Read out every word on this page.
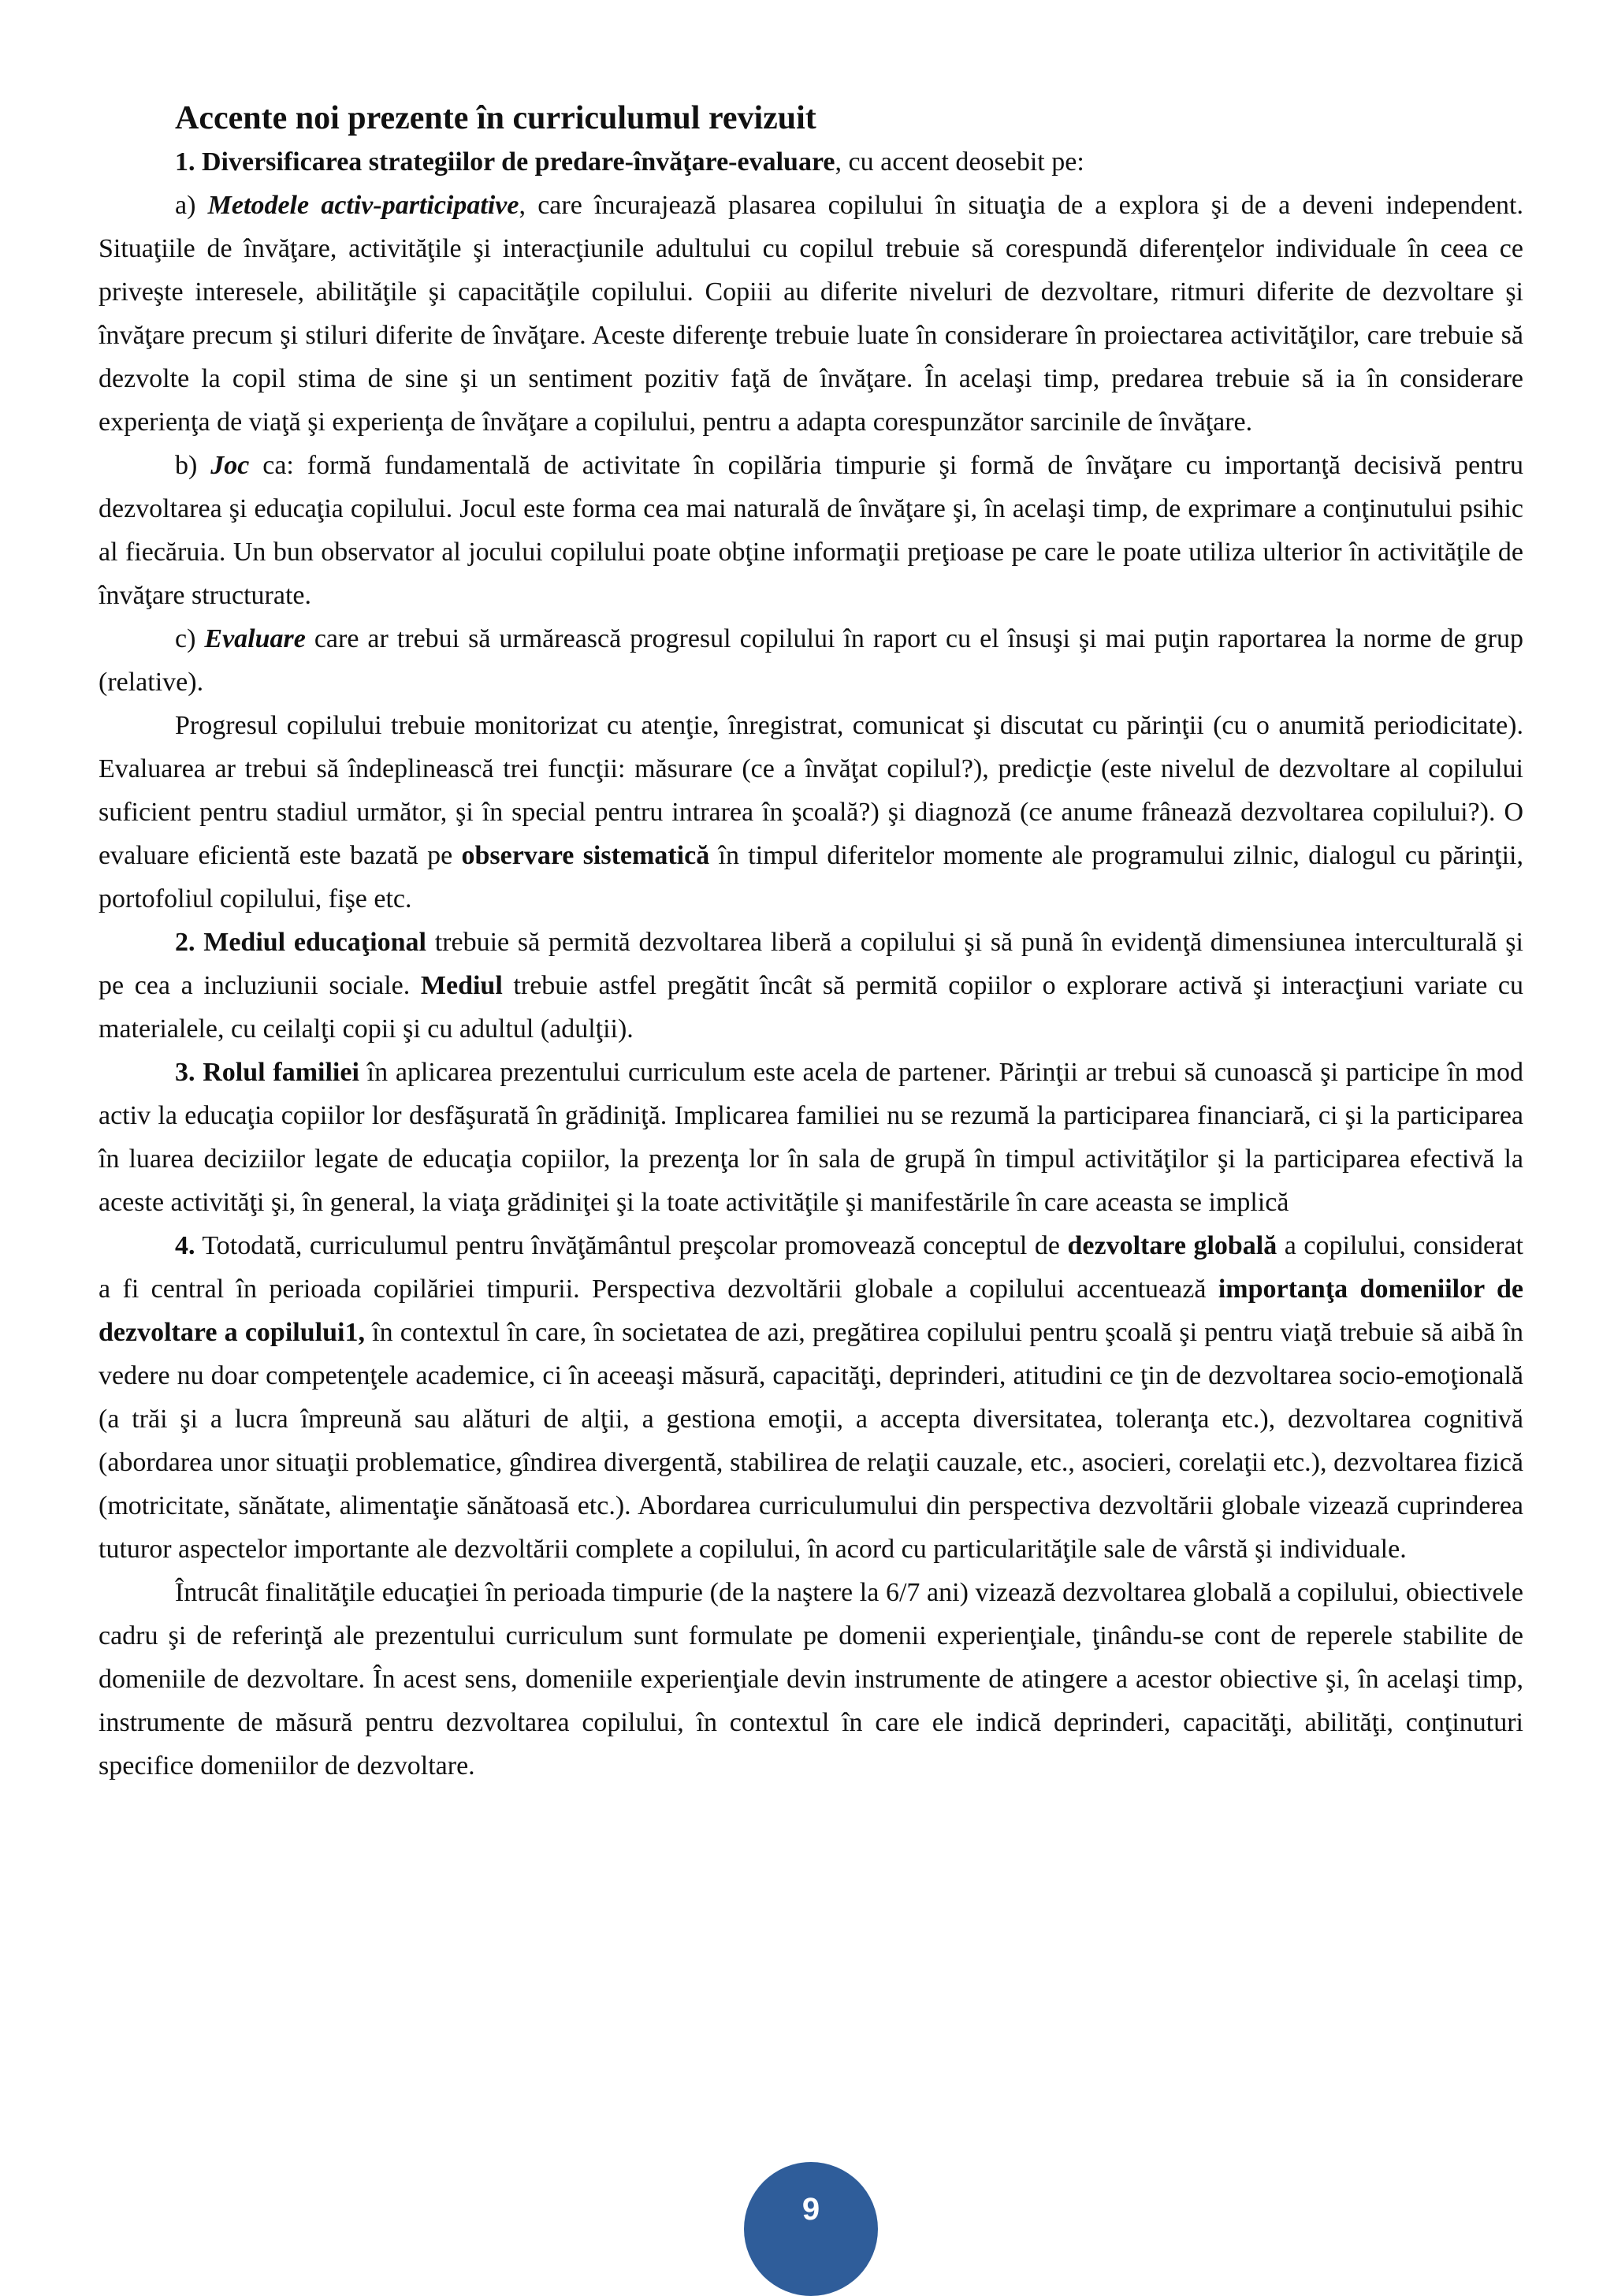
Accente noi prezente în curriculumul revizuit

1. Diversificarea strategiilor de predare-învăţare-evaluare, cu accent deosebit pe:

a) Metodele activ-participative, care încurajează plasarea copilului în situaţia de a explora şi de a deveni independent. Situaţiile de învăţare, activităţile şi interacţiunile adultului cu copilul trebuie să corespundă diferenţelor individuale în ceea ce priveşte interesele, abilităţile şi capacităţile copilului. Copiii au diferite niveluri de dezvoltare, ritmuri diferite de dezvoltare şi învăţare precum şi stiluri diferite de învăţare. Aceste diferenţe trebuie luate în considerare în proiectarea activităţilor, care trebuie să dezvolte la copil stima de sine şi un sentiment pozitiv faţă de învăţare. În acelaşi timp, predarea trebuie să ia în considerare experienţa de viaţă şi experienţa de învăţare a copilului, pentru a adapta corespunzător sarcinile de învăţare.

b) Joc ca: formă fundamentală de activitate în copilăria timpurie şi formă de învăţare cu importanţă decisivă pentru dezvoltarea şi educaţia copilului. Jocul este forma cea mai naturală de învăţare şi, în acelaşi timp, de exprimare a conţinutului psihic al fiecăruia. Un bun observator al jocului copilului poate obţine informaţii preţioase pe care le poate utiliza ulterior în activităţile de învăţare structurate.

c) Evaluare care ar trebui să urmărească progresul copilului în raport cu el însuşi şi mai puţin raportarea la norme de grup (relative).

Progresul copilului trebuie monitorizat cu atenţie, înregistrat, comunicat şi discutat cu părinţii (cu o anumită periodicitate). Evaluarea ar trebui să îndeplinească trei funcţii: măsurare (ce a învăţat copilul?), predicţie (este nivelul de dezvoltare al copilului suficient pentru stadiul următor, şi în special pentru intrarea în şcoală?) şi diagnoză (ce anume frânează dezvoltarea copilului?). O evaluare eficientă este bazată pe observare sistematică în timpul diferitelor momente ale programului zilnic, dialogul cu părinţii, portofoliul copilului, fişe etc.

2. Mediul educaţional trebuie să permită dezvoltarea liberă a copilului şi să pună în evidenţă dimensiunea interculturală şi pe cea a incluziunii sociale. Mediul trebuie astfel pregătit încât să permită copiilor o explorare activă şi interacţiuni variate cu materialele, cu ceilalţi copii şi cu adultul (adulţii).

3. Rolul familiei în aplicarea prezentului curriculum este acela de partener. Părinţii ar trebui să cunoască şi participe în mod activ la educaţia copiilor lor desfăşurată în grădiniţă. Implicarea familiei nu se rezumă la participarea financiară, ci şi la participarea în luarea deciziilor legate de educaţia copiilor, la prezenţa lor în sala de grupă în timpul activităţilor şi la participarea efectivă la aceste activităţi şi, în general, la viaţa grădiniţei şi la toate activităţile şi manifestările în care aceasta se implică

4. Totodată, curriculumul pentru învăţământul preşcolar promovează conceptul de dezvoltare globală a copilului, considerat a fi central în perioada copilăriei timpurii. Perspectiva dezvoltării globale a copilului accentuează importanţa domeniilor de dezvoltare a copilului1, în contextul în care, în societatea de azi, pregătirea copilului pentru şcoală şi pentru viaţă trebuie să aibă în vedere nu doar competenţele academice, ci în aceeaşi măsură, capacităţi, deprinderi, atitudini ce ţin de dezvoltarea socio-emoţională (a trăi şi a lucra împreună sau alături de alţii, a gestiona emoţii, a accepta diversitatea, toleranţa etc.), dezvoltarea cognitivă (abordarea unor situaţii problematice, gîndirea divergentă, stabilirea de relaţii cauzale, etc., asocieri, corelaţii etc.), dezvoltarea fizică (motricitate, sănătate, alimentaţie sănătoasă etc.). Abordarea curriculumului din perspectiva dezvoltării globale vizează cuprinderea tuturor aspectelor importante ale dezvoltării complete a copilului, în acord cu particularităţile sale de vârstă şi individuale.

Întrucât finalităţile educaţiei în perioada timpurie (de la naştere la 6/7 ani) vizează dezvoltarea globală a copilului, obiectivele cadru şi de referinţă ale prezentului curriculum sunt formulate pe domenii experienţiale, ţinându-se cont de reperele stabilite de domeniile de dezvoltare. În acest sens, domeniile experienţiale devin instrumente de atingere a acestor obiective şi, în acelaşi timp, instrumente de măsură pentru dezvoltarea copilului, în contextul în care ele indică deprinderi, capacităţi, abilităţi, conţinuturi specifice domeniilor de dezvoltare.

9
